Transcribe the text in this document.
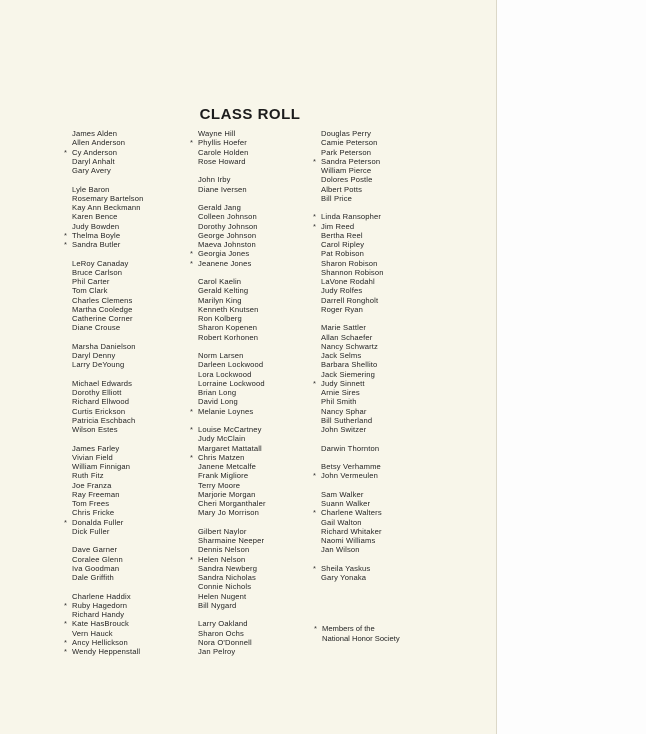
CLASS ROLL
James Alden
Allen Anderson
* Cy Anderson
Daryl Anhalt
Gary Avery
Lyle Baron
Rosemary Bartelson
Kay Ann Beckmann
Karen Bence
Judy Bowden
* Thelma Boyle
* Sandra Butler
LeRoy Canaday
Bruce Carlson
Phil Carter
Tom Clark
Charles Clemens
Martha Cooledge
Catherine Corner
Diane Crouse
Marsha Danielson
Daryl Denny
Larry DeYoung
Michael Edwards
Dorothy Elliott
Richard Ellwood
Curtis Erickson
Patricia Eschbach
Wilson Estes
James Farley
Vivian Field
William Finnigan
Ruth Fitz
Joe Franza
Ray Freeman
Tom Frees
Chris Fricke
* Donalda Fuller
Dick Fuller
Dave Garner
Coralee Glenn
Iva Goodman
Dale Griffith
Charlene Haddix
* Ruby Hagedorn
Richard Handy
* Kate HasBrouck
Vern Hauck
* Ancy Hellickson
* Wendy Heppenstall
Wayne Hill
* Phyllis Hoefer
Carole Holden
Rose Howard
John Irby
Diane Iversen
Gerald Jang
Colleen Johnson
Dorothy Johnson
George Johnson
Maeva Johnston
* Georgia Jones
* Jeanene Jones
Carol Kaelin
Gerald Kelting
Marilyn King
Kenneth Knutsen
Ron Kolberg
Sharon Kopenen
Robert Korhonen
Norm Larsen
Darleen Lockwood
Lora Lockwood
Lorraine Lockwood
Brian Long
David Long
* Melanie Loynes
* Louise McCartney
Judy McClain
Margaret Mattatall
* Chris Matzen
Janene Metcalfe
Frank Migliore
Terry Moore
Marjorie Morgan
Cheri Morganthaler
Mary Jo Morrison
Gilbert Naylor
Sharmaine Neeper
Dennis Nelson
* Helen Nelson
Sandra Newberg
Sandra Nicholas
Connie Nichols
Helen Nugent
Bill Nygard
Larry Oakland
Sharon Ochs
Nora O'Donnell
Jan Pelroy
Douglas Perry
Camie Peterson
Park Peterson
* Sandra Peterson
William Pierce
Dolores Postle
Albert Potts
Bill Price
* Linda Ransopher
* Jim Reed
Bertha Reel
Carol Ripley
Pat Robison
Sharon Robison
Shannon Robison
LaVone Rodahl
Judy Rolfes
Darrell Rongholt
Roger Ryan
Marie Sattler
Allan Schaefer
Nancy Schwartz
Jack Selms
Barbara Shellito
Jack Siemering
* Judy Sinnett
Arnie Sires
Phil Smith
Nancy Sphar
Bill Sutherland
John Switzer
Darwin Thornton
Betsy Verhamme
* John Vermeulen
Sam Walker
Suann Walker
* Charlene Walters
Gail Walton
Richard Whitaker
Naomi Williams
Jan Wilson
* Sheila Yaskus
Gary Yonaka
* Members of the
National Honor Society
